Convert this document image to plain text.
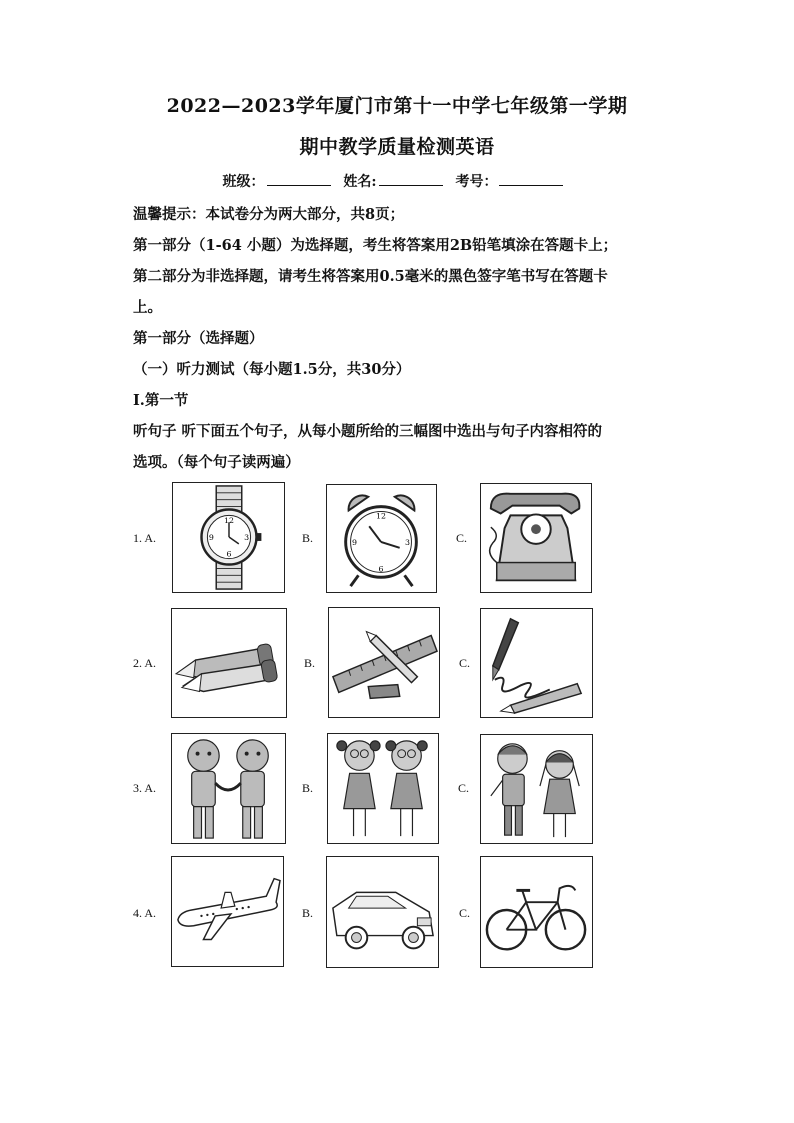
2022—2023学年厦门市第十一中学七年级第一学期
期中教学质量检测英语
班级：	姓名:	考号：
温馨提示：本试卷分为两大部分，共8页；
第一部分（1-64 小题）为选择题，考生将答案用2B铅笔填涂在答题卡上；
第二部分为非选择题，请考生将答案用0.5毫米的黑色签字笔书写在答题卡
上。
第一部分（选择题）
（一）听力测试（每小题1.5分，共30分）
Ⅰ.第一节
听句子 听下面五个句子，从每小题所给的三幅图中选出与句子内容相符的
选项。（每个句子读两遍）
1. A.
12
3
6
9	B.
12
3
6
9	C.
2. A.	B.	C.
3. A.	B.	C.
4. A.	B.	C.
